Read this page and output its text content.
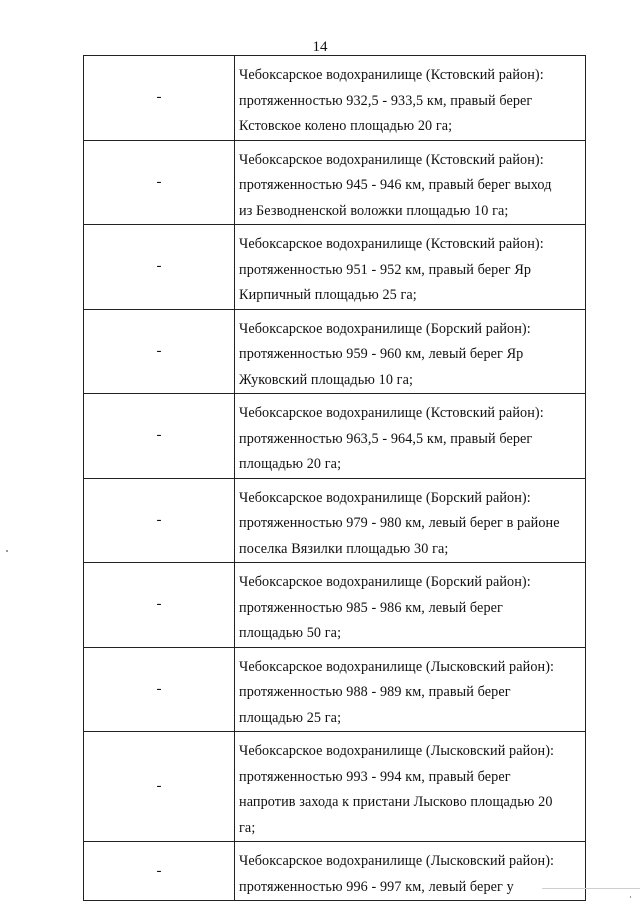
14
-	Чебоксарское водохранилище (Кстовский район):
протяженностью 932,5 - 933,5 км, правый берег
Кстовское колено площадью 20 га;

-	Чебоксарское водохранилище (Кстовский район):
протяженностью 945 - 946 км, правый берег выход
из Безводненской воложки площадью 10 га;

-	Чебоксарское водохранилище (Кстовский район):
протяженностью 951 - 952 км, правый берег Яр
Кирпичный площадью 25 га;

-	Чебоксарское водохранилище (Борский район):
протяженностью 959 - 960 км, левый берег Яр
Жуковский площадью 10 га;

-	Чебоксарское водохранилище (Кстовский район):
протяженностью 963,5 - 964,5 км, правый берег
площадью 20 га;

-	Чебоксарское водохранилище (Борский район):
протяженностью 979 - 980 км, левый берег в районе
поселка Вязилки площадью 30 га;

-	Чебоксарское водохранилище (Борский район):
протяженностью 985 - 986 км, левый берег
площадью 50 га;

-	Чебоксарское водохранилище (Лысковский район):
протяженностью 988 - 989 км, правый берег
площадью 25 га;

-	Чебоксарское водохранилище (Лысковский район):
протяженностью 993 - 994 км, правый берег
напротив захода к пристани Лысково площадью 20
га;

-	Чебоксарское водохранилище (Лысковский район):
протяженностью 996 - 997 км, левый берег у
